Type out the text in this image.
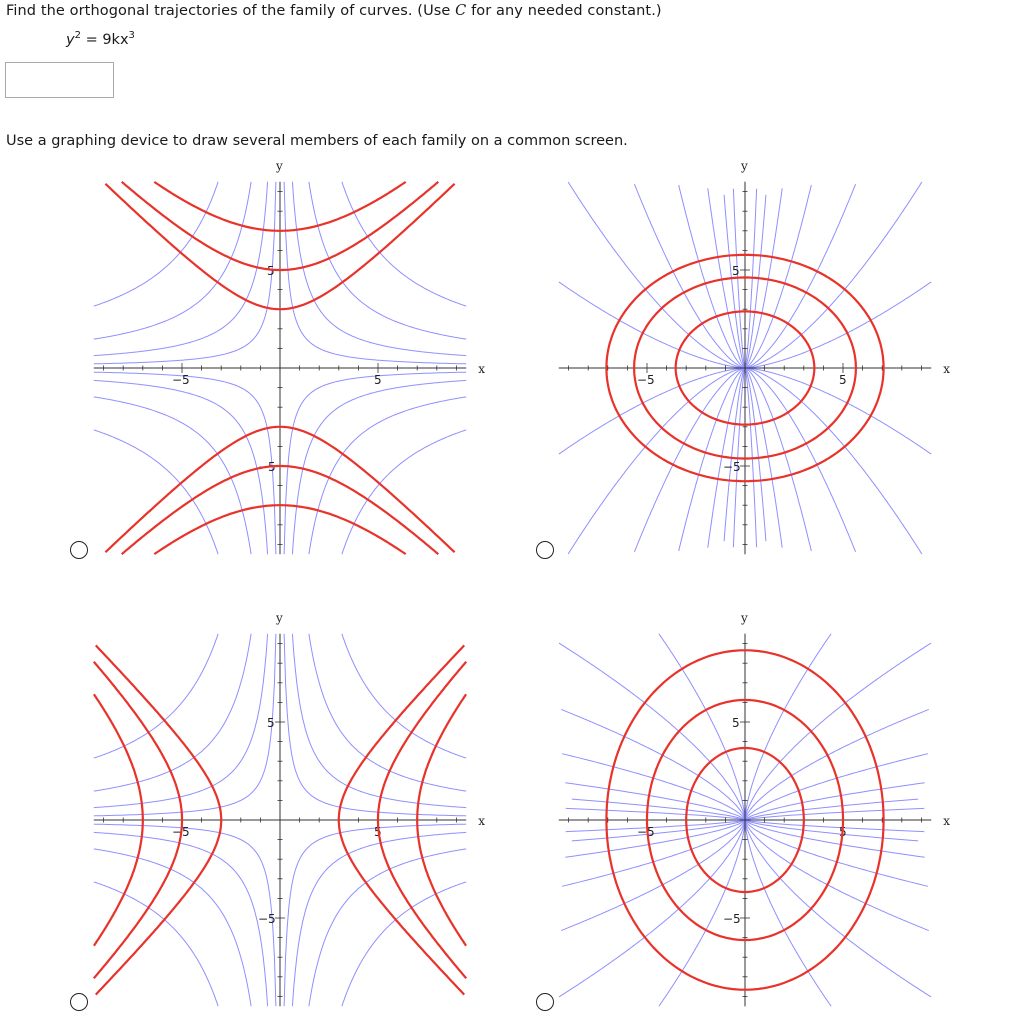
Find the orthogonal trajectories of the family of curves. (Use C for any needed constant.)
$y^2 = 9kx^3$
Use a graphing device to draw several members of each family on a common screen.
−5	5
5
−5
x
y
−5	5
5
−5
x
y
−5	5
5
−5
x
y
−5	5
5
−5
x
y
